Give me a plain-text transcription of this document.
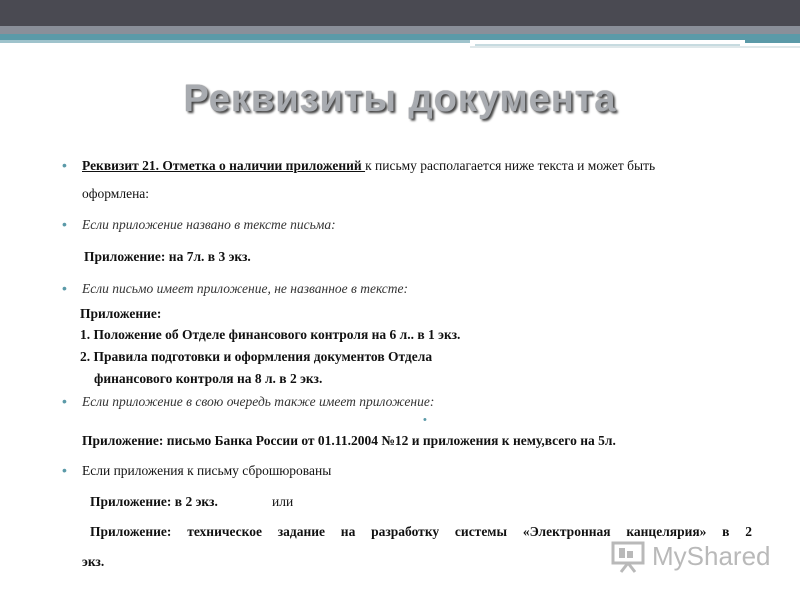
Реквизиты документа
• Реквизит 21. Отметка о наличии приложений к письму располагается ниже текста и может быть
оформлена:
• Если приложение названо в тексте письма:
Приложение: на 7л. в 3 экз.
• Если письмо имеет приложение, не названное в тексте:
Приложение:
1. Положение об Отделе финансового контроля на 6 л.. в 1 экз.
2. Правила подготовки и оформления документов Отдела
финансового контроля на 8 л. в 2 экз.
• Если приложение в свою очередь также имеет приложение:
•
Приложение: письмо Банка России от 01.11.2004 №12 и приложения к нему,всего на 5л.
• Если приложения к письму сброшюрованы
Приложение: в 2 экз.	или
Приложение: техническое задание на разработку системы «Электронная канцелярия» в 2
экз.	MyShared
